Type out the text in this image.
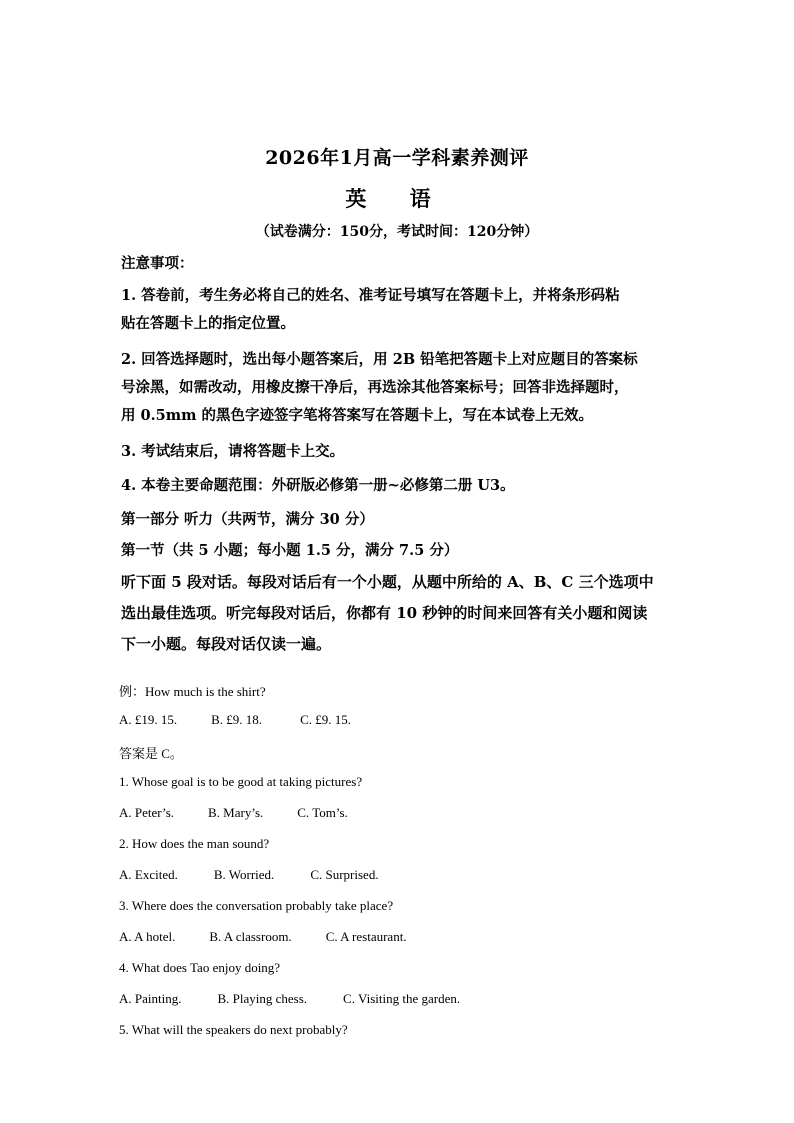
2026年1月高一学科素养测评
英 语
（试卷满分：150分，考试时间：120分钟）
注意事项：
1. 答卷前，考生务必将自己的姓名、准考证号填写在答题卡上，并将条形码粘
贴在答题卡上的指定位置。
2. 回答选择题时，选出每小题答案后，用 2B 铅笔把答题卡上对应题目的答案标
号涂黑，如需改动，用橡皮擦干净后，再选涂其他答案标号；回答非选择题时，
用 0.5mm 的黑色字迹签字笔将答案写在答题卡上，写在本试卷上无效。
3. 考试结束后，请将答题卡上交。
4. 本卷主要命题范围：外研版必修第一册~必修第二册 U3。
第一部分 听力（共两节，满分 30 分）
第一节（共 5 小题；每小题 1.5 分，满分 7.5 分）
听下面 5 段对话。每段对话后有一个小题，从题中所给的 A、B、C 三个选项中
选出最佳选项。听完每段对话后，你都有 10 秒钟的时间来回答有关小题和阅读
下一小题。每段对话仅读一遍。
例：How much is the shirt?
A. £19. 15.	B. £9. 18.	C. £9. 15.
答案是 C。
1. Whose goal is to be good at taking pictures?
A. Peter’s.	B. Mary’s.	C. Tom’s.
2. How does the man sound?
A. Excited.	B. Worried.	C. Surprised.
3. Where does the conversation probably take place?
A. A hotel.	B. A classroom.	C. A restaurant.
4. What does Tao enjoy doing?
A. Painting.	B. Playing chess.	C. Visiting the garden.
5. What will the speakers do next probably?
